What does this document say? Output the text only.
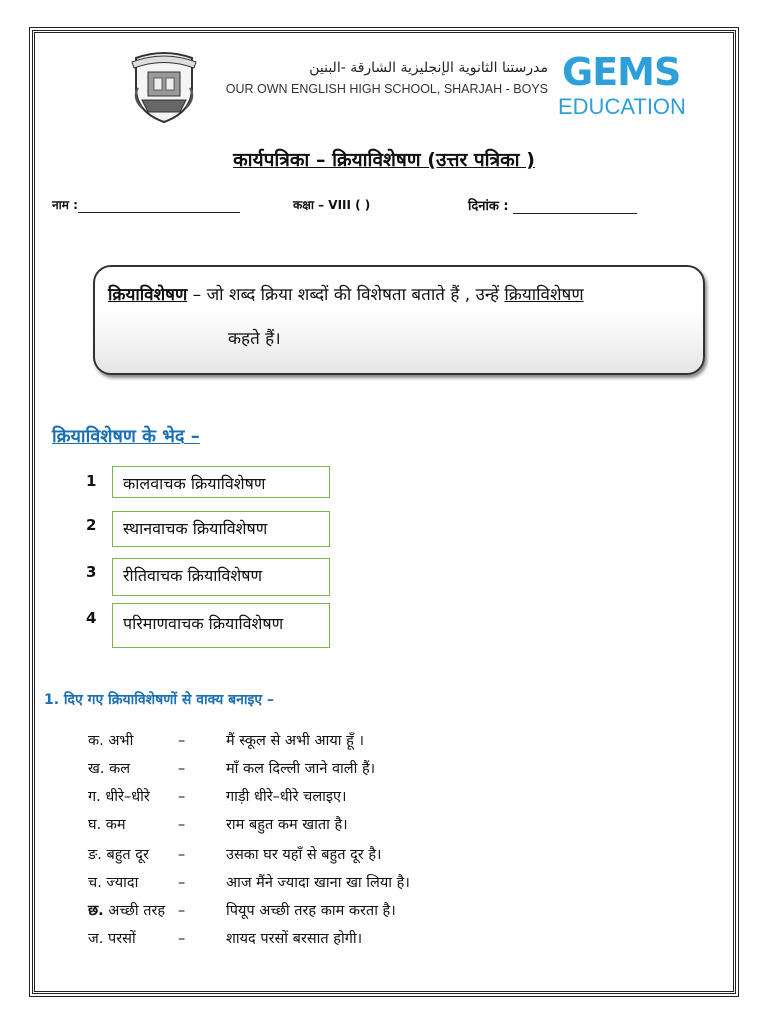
مدرستنا الثانوية الإنجليزية الشارقة -البنين
OUR OWN ENGLISH HIGH SCHOOL, SHARJAH - BOYS GEMS
EDUCATION
कार्यपत्रिका – क्रियाविशेषण (उत्तर पत्रिका )
नाम :	कक्षा – VIII ( )	दिनांक :
क्रियाविशेषण – जो शब्द क्रिया शब्दों की विशेषता बताते हैं , उन्हें क्रियाविशेषण
कहते हैं।
क्रियाविशेषण के भेद –
1	कालवाचक क्रियाविशेषण
2	स्थानवाचक क्रियाविशेषण
3	रीतिवाचक क्रियाविशेषण
4	परिमाणवाचक क्रियाविशेषण
1. दिए गए क्रियाविशेषणों से वाक्य बनाइए –
क. अभी	–	मैं स्कूल से अभी आया हूँ ।
ख. कल	–	माँ कल दिल्ली जाने वाली हैं।
ग. धीरे–धीरे –	गाड़ी धीरे–धीरे चलाइए।
घ. कम	–	राम बहुत कम खाता है।
ङ. बहुत दूर –	उसका घर यहाँ से बहुत दूर है।
च. ज्यादा	–	आज मैंने ज्यादा खाना खा लिया है।
छ. अच्छी तरह –	पियूप अच्छी तरह काम करता है।
ज. परसों	–	शायद परसों बरसात होगी।
